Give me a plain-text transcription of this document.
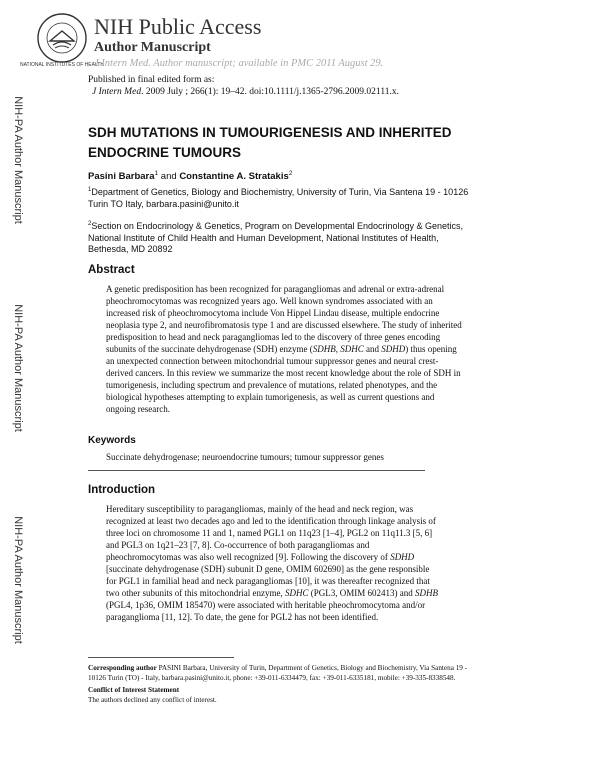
NATIONAL INSTITUTES OF HEALTH
NIH Public Access
Author Manuscript
J Intern Med. Author manuscript; available in PMC 2011 August 29.
Published in final edited form as:
J Intern Med. 2009 July ; 266(1): 19–42. doi:10.1111/j.1365-2796.2009.02111.x.
NIH-PA Author Manuscript
NIH-PA Author Manuscript
NIH-PA Author Manuscript
SDH MUTATIONS IN TUMOURIGENESIS AND INHERITED
ENDOCRINE TUMOURS
Pasini Barbara$^1$ and Constantine A. Stratakis$^2$
$^1$Department of Genetics, Biology and Biochemistry, University of Turin, Via Santena 19 - 10126
Turin TO Italy, barbara.pasini@unito.it
$^2$Section on Endocrinology & Genetics, Program on Developmental Endocrinology & Genetics,
National Institute of Child Health and Human Development, National Institutes of Health,
Bethesda, MD 20892
Abstract
A genetic predisposition has been recognized for paragangliomas and adrenal or extra-adrenal
pheochromocytomas was recognized years ago. Well known syndromes associated with an
increased risk of pheochromocytoma include Von Hippel Lindau disease, multiple endocrine
neoplasia type 2, and neurofibromatosis type 1 and are discussed elsewhere. The study of inherited
predisposition to head and neck paragangliomas led to the discovery of three genes encoding
subunits of the succinate dehydrogenase (SDH) enzyme (SDHB, SDHC and SDHD) thus opening
an unexpected connection between mitochondrial tumour suppressor genes and neural crest-
derived cancers. In this review we summarize the most recent knowledge about the role of SDH in
tumorigenesis, including spectrum and prevalence of mutations, related phenotypes, and the
biological hypotheses attempting to explain tumorigenesis, as well as current questions and
ongoing research.
Keywords
Succinate dehydrogenase; neuroendocrine tumours; tumour suppressor genes
Introduction
Hereditary susceptibility to paragangliomas, mainly of the head and neck region, was
recognized at least two decades ago and led to the identification through linkage analysis of
three loci on chromosome 11 and 1, named PGL1 on 11q23 [1–4], PGL2 on 11q11.3 [5, 6]
and PGL3 on 1q21–23 [7, 8]. Co-occurrence of both paragangliomas and
pheochromocytomas was also well recognized [9]. Following the discovery of SDHD
[succinate dehydrogenase (SDH) subunit D gene, OMIM 602690] as the gene responsible
for PGL1 in familial head and neck paragangliomas [10], it was thereafter recognized that
two other subunits of this mitochondrial enzyme, SDHC (PGL3, OMIM 602413) and SDHB
(PGL4, 1p36, OMIM 185470) were associated with heritable pheochromocytoma and/or
paraganglioma [11, 12]. To date, the gene for PGL2 has not been identified.
Corresponding author PASINI Barbara, University of Turin, Department of Genetics, Biology and Biochemistry, Via Santena 19 -
10126 Turin (TO) - Italy, barbara.pasini@unito.it, phone: +39-011-6334479, fax: +39-011-6335181, mobile: +39-335-8338548.
Conflict of Interest Statement
The authors declined any conflict of interest.
